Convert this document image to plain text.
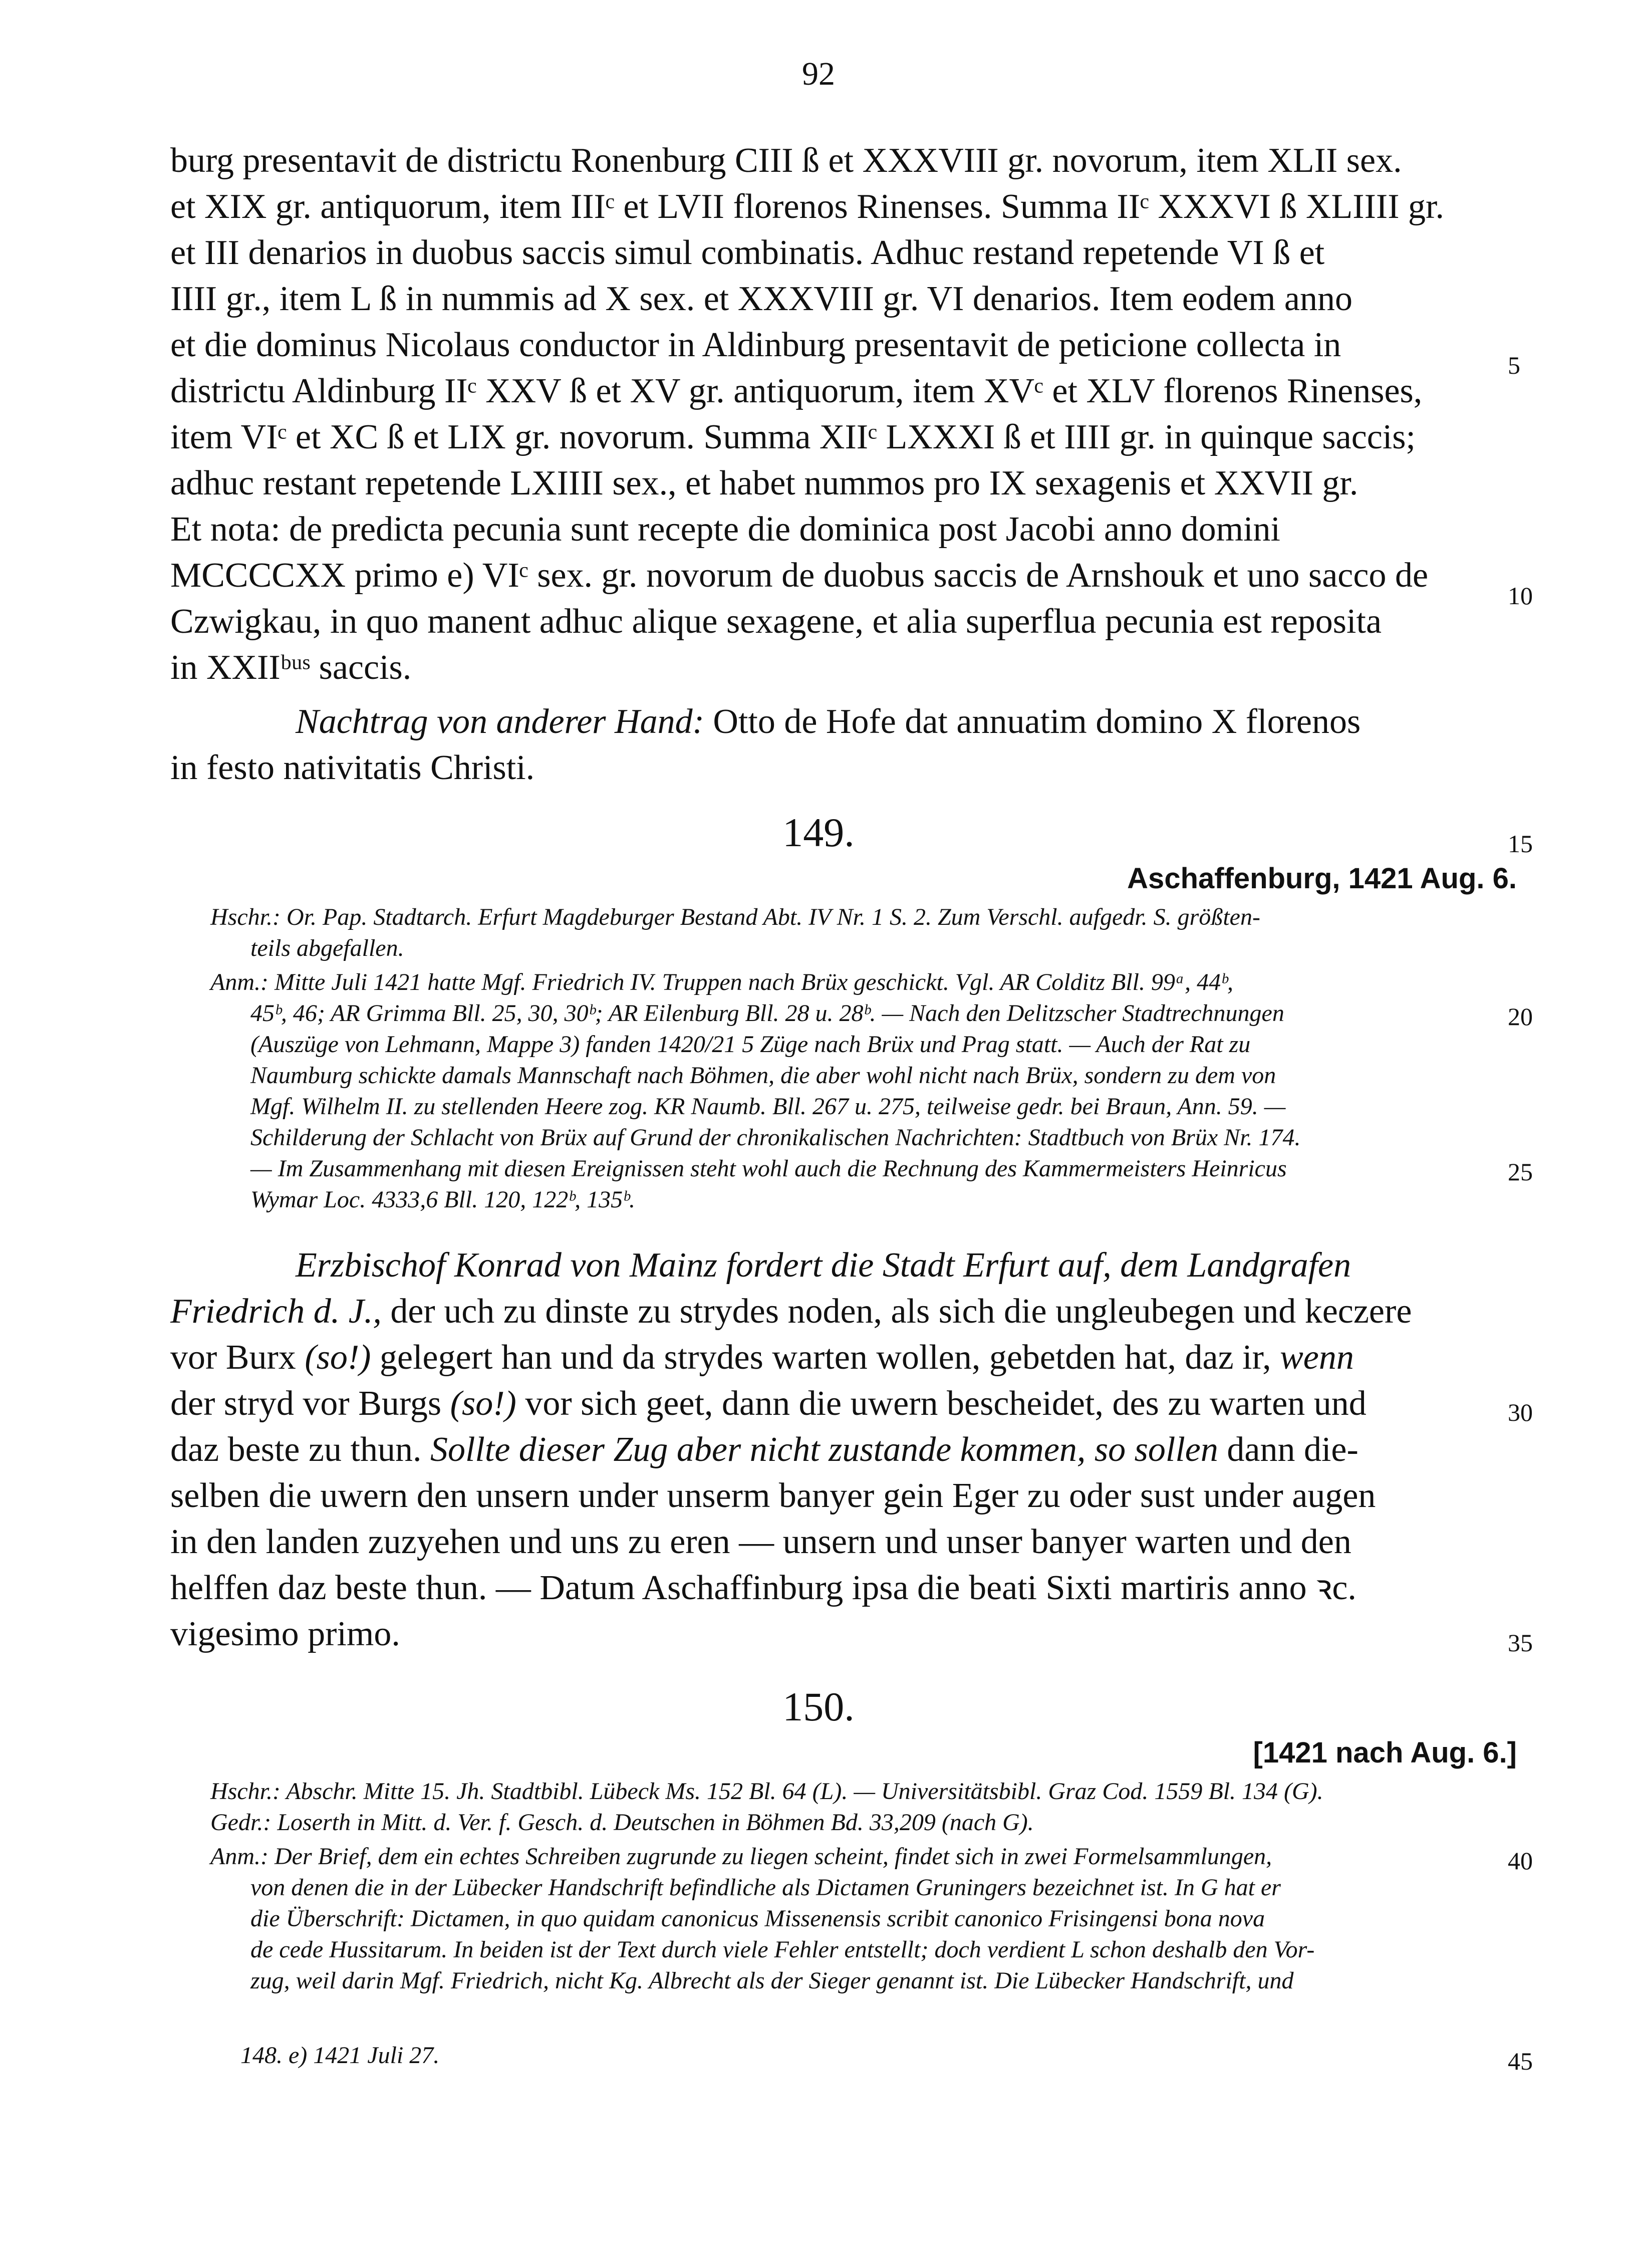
92
burg presentavit de districtu Ronenburg CIII ß et XXXVIII gr. novorum, item XLII sex.
et XIX gr. antiquorum, item IIIᶜ et LVII florenos Rinenses. Summa IIᶜ XXXVI ß XLIIII gr.
et III denarios in duobus saccis simul combinatis. Adhuc restand repetende VI ß et
IIII gr., item L ß in nummis ad X sex. et XXXVIII gr. VI denarios. Item eodem anno
et die dominus Nicolaus conductor in Aldinburg presentavit de peticione collecta in
districtu Aldinburg IIᶜ XXV ß et XV gr. antiquorum, item XVᶜ et XLV florenos Rinenses,
item VIᶜ et XC ß et LIX gr. novorum. Summa XIIᶜ LXXXI ß et IIII gr. in quinque saccis;
adhuc restant repetende LXIIII sex., et habet nummos pro IX sexagenis et XXVII gr.
Et nota: de predicta pecunia sunt recepte die dominica post Jacobi anno domini
MCCCCXX primo e) VIᶜ sex. gr. novorum de duobus saccis de Arnshouk et uno sacco de
Czwigkau, in quo manent adhuc alique sexagene, et alia superflua pecunia est reposita
in XXIIᵇᵘˢ saccis.
Nachtrag von anderer Hand: Otto de Hofe dat annuatim domino X florenos
in festo nativitatis Christi.
149.
Aschaffenburg, 1421 Aug. 6.
Hschr.: Or. Pap. Stadtarch. Erfurt Magdeburger Bestand Abt. IV Nr. 1 S. 2. Zum Verschl. aufgedr. S. größten-
teils abgefallen.
Anm.: Mitte Juli 1421 hatte Mgf. Friedrich IV. Truppen nach Brüx geschickt. Vgl. AR Colditz Bll. 99ᵃ, 44ᵇ,
45ᵇ, 46; AR Grimma Bll. 25, 30, 30ᵇ; AR Eilenburg Bll. 28 u. 28ᵇ. — Nach den Delitzscher Stadtrechnungen
(Auszüge von Lehmann, Mappe 3) fanden 1420/21 5 Züge nach Brüx und Prag statt. — Auch der Rat zu
Naumburg schickte damals Mannschaft nach Böhmen, die aber wohl nicht nach Brüx, sondern zu dem von
Mgf. Wilhelm II. zu stellenden Heere zog. KR Naumb. Bll. 267 u. 275, teilweise gedr. bei Braun, Ann. 59. —
Schilderung der Schlacht von Brüx auf Grund der chronikalischen Nachrichten: Stadtbuch von Brüx Nr. 174.
— Im Zusammenhang mit diesen Ereignissen steht wohl auch die Rechnung des Kammermeisters Heinricus
Wymar Loc. 4333,6 Bll. 120, 122ᵇ, 135ᵇ.
Erzbischof Konrad von Mainz fordert die Stadt Erfurt auf, dem Landgrafen
Friedrich d. J., der uch zu dinste zu strydes noden, als sich die ungleubegen und keczere
vor Burx (so!) gelegert han und da strydes warten wollen, gebetden hat, daz ir, wenn
der stryd vor Burgs (so!) vor sich geet, dann die uwern bescheidet, des zu warten und
daz beste zu thun. Sollte dieser Zug aber nicht zustande kommen, so sollen dann die-
selben die uwern den unsern under unserm banyer gein Eger zu oder sust under augen
in den landen zuzyehen und uns zu eren — unsern und unser banyer warten und den
helffen daz beste thun. — Datum Aschaffinburg ipsa die beati Sixti martiris anno ꝛc.
vigesimo primo.
150.
[1421 nach Aug. 6.]
Hschr.: Abschr. Mitte 15. Jh. Stadtbibl. Lübeck Ms. 152 Bl. 64 (L). — Universitätsbibl. Graz Cod. 1559 Bl. 134 (G).
Gedr.: Loserth in Mitt. d. Ver. f. Gesch. d. Deutschen in Böhmen Bd. 33,209 (nach G).
Anm.: Der Brief, dem ein echtes Schreiben zugrunde zu liegen scheint, findet sich in zwei Formelsammlungen,
von denen die in der Lübecker Handschrift befindliche als Dictamen Gruningers bezeichnet ist. In G hat er
die Überschrift: Dictamen, in quo quidam canonicus Missenensis scribit canonico Frisingensi bona nova
de cede Hussitarum. In beiden ist der Text durch viele Fehler entstellt; doch verdient L schon deshalb den Vor-
zug, weil darin Mgf. Friedrich, nicht Kg. Albrecht als der Sieger genannt ist. Die Lübecker Handschrift, und
148. e) 1421 Juli 27.
5
10
15
20
25
30
35
40
45
